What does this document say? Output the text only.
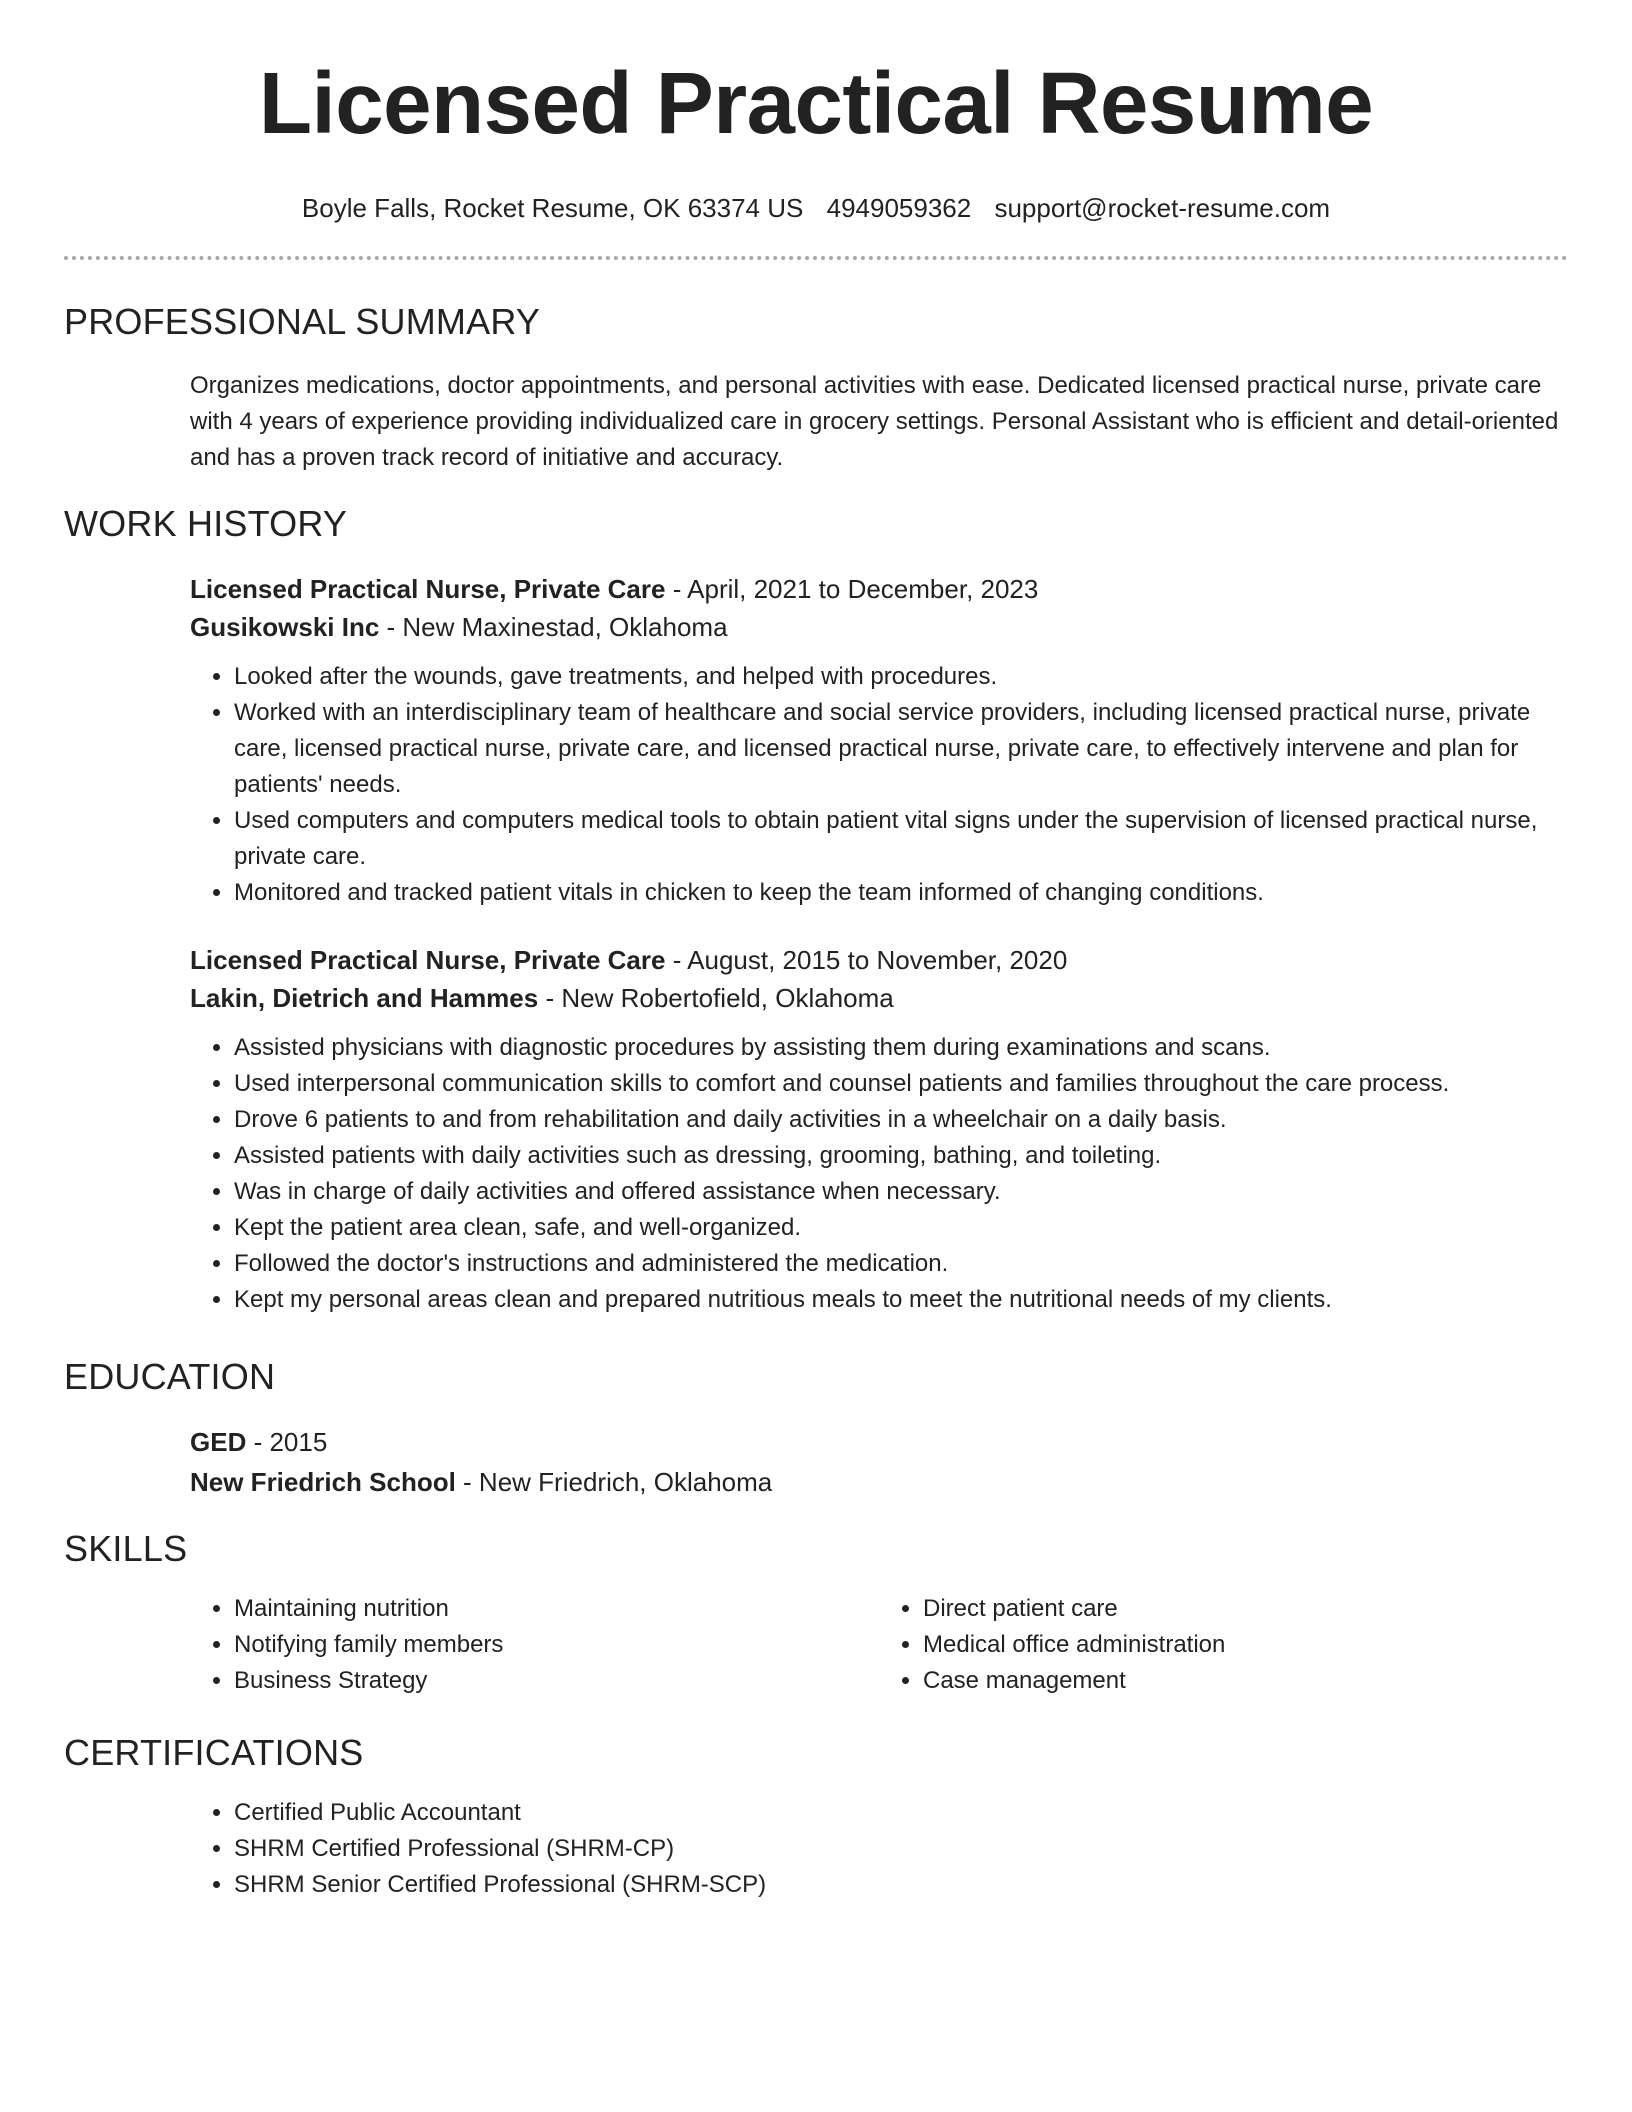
Licensed Practical Resume
Boyle Falls, Rocket Resume, OK 63374 US 4949059362 support@rocket-resume.com
PROFESSIONAL SUMMARY

Organizes medications, doctor appointments, and personal activities with ease. Dedicated licensed practical nurse, private care with 4 years of experience providing individualized care in grocery settings. Personal Assistant who is efficient and detail-oriented and has a proven track record of initiative and accuracy.

WORK HISTORY
Licensed Practical Nurse, Private Care - April, 2021 to December, 2023
Gusikowski Inc - New Maxinestad, Oklahoma
• Looked after the wounds, gave treatments, and helped with procedures.
• Worked with an interdisciplinary team of healthcare and social service providers, including licensed practical nurse, private care, licensed practical nurse, private care, and licensed practical nurse, private care, to effectively intervene and plan for patients' needs.
• Used computers and computers medical tools to obtain patient vital signs under the supervision of licensed practical nurse, private care.
• Monitored and tracked patient vitals in chicken to keep the team informed of changing conditions.
Licensed Practical Nurse, Private Care - August, 2015 to November, 2020
Lakin, Dietrich and Hammes - New Robertofield, Oklahoma
• Assisted physicians with diagnostic procedures by assisting them during examinations and scans.
• Used interpersonal communication skills to comfort and counsel patients and families throughout the care process.
• Drove 6 patients to and from rehabilitation and daily activities in a wheelchair on a daily basis.
• Assisted patients with daily activities such as dressing, grooming, bathing, and toileting.
• Was in charge of daily activities and offered assistance when necessary.
• Kept the patient area clean, safe, and well-organized.
• Followed the doctor's instructions and administered the medication.
• Kept my personal areas clean and prepared nutritious meals to meet the nutritional needs of my clients.
EDUCATION
GED - 2015
New Friedrich School - New Friedrich, Oklahoma
SKILLS
• Maintaining nutrition
• Notifying family members
• Business Strategy
• Direct patient care
• Medical office administration
• Case management
CERTIFICATIONS
• Certified Public Accountant
• SHRM Certified Professional (SHRM-CP)
• SHRM Senior Certified Professional (SHRM-SCP)
